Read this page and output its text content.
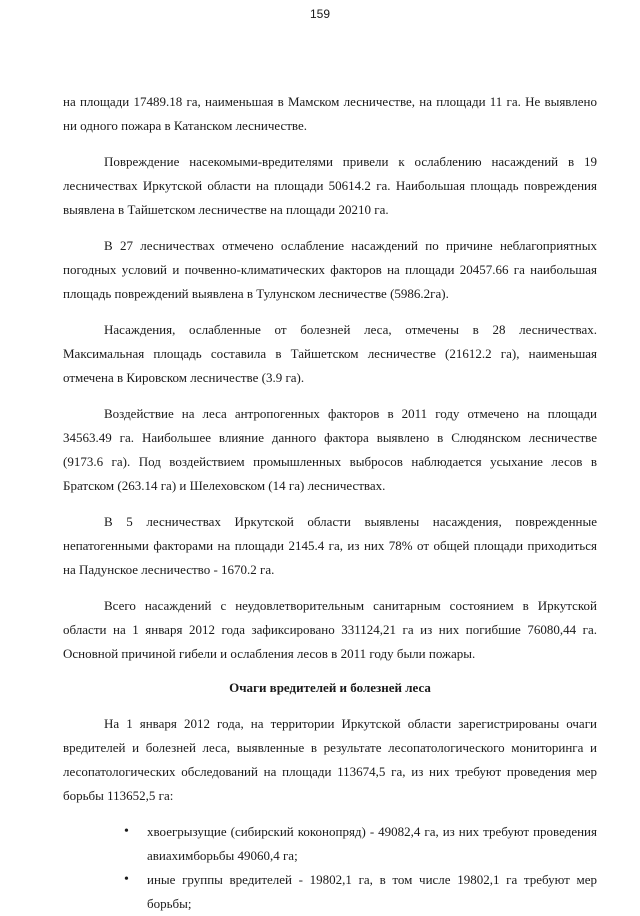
159

на площади 17489.18 га, наименьшая в Мамском лесничестве, на площади 11 га. Не выявлено ни одного пожара в Катанском лесничестве.

Повреждение насекомыми-вредителями привели к ослаблению насаждений в 19 лесничествах Иркутской области на площади 50614.2 га. Наибольшая площадь повреждения выявлена в Тайшетском лесничестве на площади 20210 га.

В 27 лесничествах отмечено ослабление насаждений по причине неблагоприятных погодных условий и почвенно-климатических факторов на площади 20457.66 га наибольшая площадь повреждений выявлена в Тулунском лесничестве (5986.2га).

Насаждения, ослабленные от болезней леса, отмечены в 28 лесничествах. Максимальная площадь составила в Тайшетском лесничестве (21612.2 га), наименьшая отмечена в Кировском лесничестве (3.9 га).

Воздействие на леса антропогенных факторов в 2011 году отмечено на площади 34563.49 га. Наибольшее влияние данного фактора выявлено в Слюдянском лесничестве (9173.6 га). Под воздействием промышленных выбросов наблюдается усыхание лесов в Братском (263.14 га) и Шелеховском (14 га) лесничествах.

В 5 лесничествах Иркутской области выявлены насаждения, поврежденные непатогенными факторами на площади 2145.4 га, из них 78% от общей площади приходиться на Падунское лесничество - 1670.2 га.

Всего насаждений с неудовлетворительным санитарным состоянием в Иркутской области на 1 января 2012 года зафиксировано 331124,21 га из них погибшие 76080,44 га. Основной причиной гибели и ослабления лесов в 2011 году были пожары.

Очаги вредителей и болезней леса

На 1 января 2012 года, на территории Иркутской области зарегистрированы очаги вредителей и болезней леса, выявленные в результате лесопатологического мониторинга и лесопатологических обследований на площади 113674,5 га, из них требуют проведения мер борьбы 113652,5 га:

• хвоегрызущие (сибирский коконопряд) - 49082,4 га, из них требуют проведения авиахимборьбы 49060,4 га;
• иные группы вредителей - 19802,1 га, в том числе 19802,1 га требуют мер борьбы;
